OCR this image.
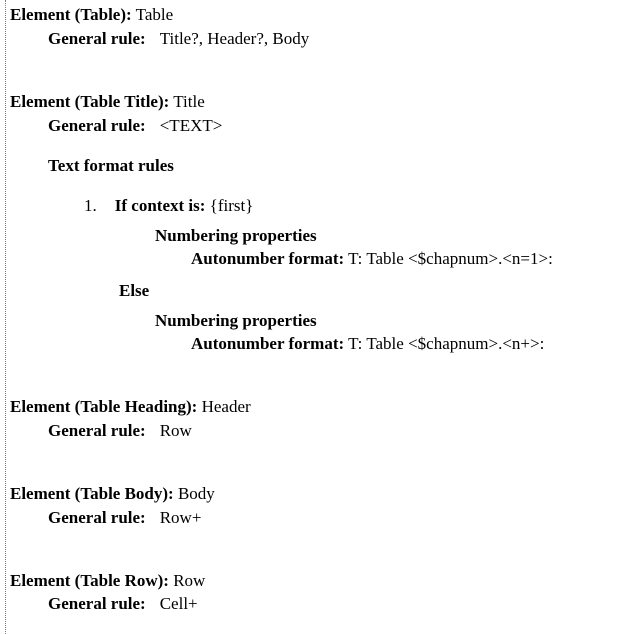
Element (Table): Table
General rule: Title?, Header?, Body
Element (Table Title): Title
General rule: <TEXT>
Text format rules
1. If context is: {first}
Numbering properties
Autonumber format: T: Table <$chapnum>.<n=1>:
Else
Numbering properties
Autonumber format: T: Table <$chapnum>.<n+>:
Element (Table Heading): Header
General rule: Row
Element (Table Body): Body
General rule: Row+
Element (Table Row): Row
General rule: Cell+
